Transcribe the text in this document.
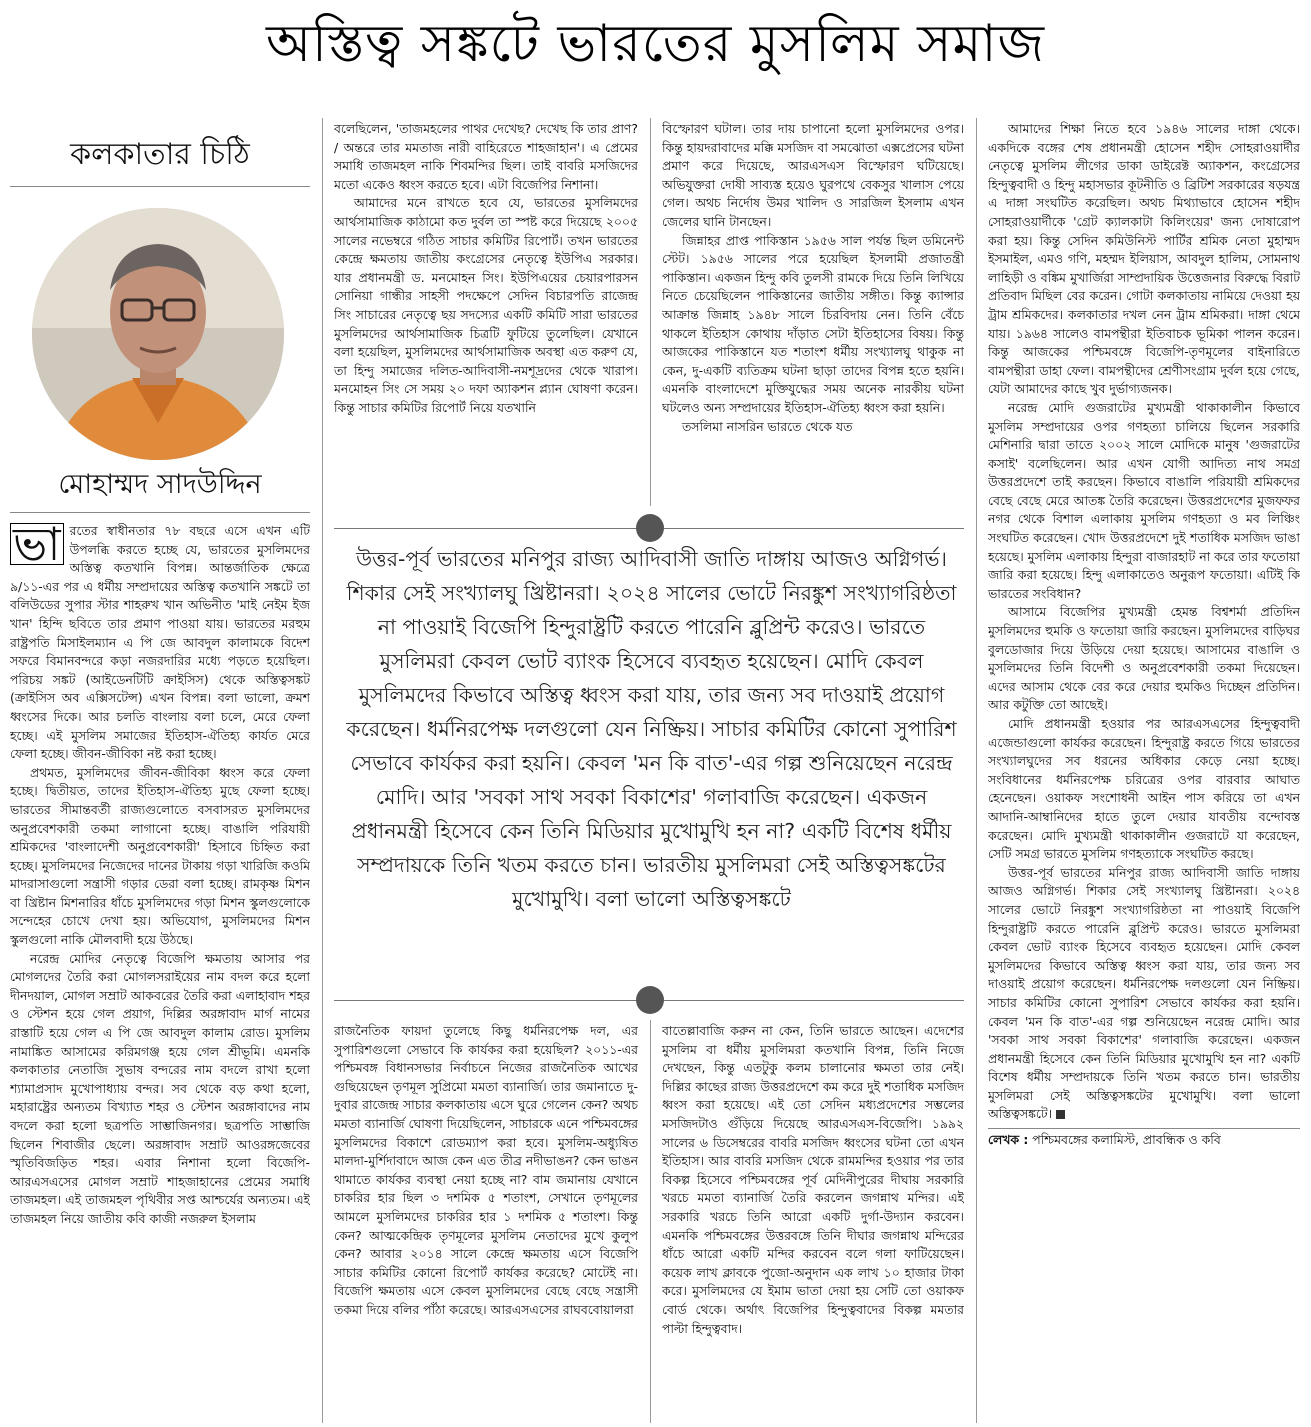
অস্তিত্ব সঙ্কটে ভারতের মুসলিম সমাজ
কলকাতার চিঠি
মোহাম্মদ সাদউদ্দিন

ভা রতের স্বাধীনতার ৭৮ বছরে এসে এখন এটি উপলব্ধি করতে হচ্ছে যে, ভারতের মুসলিমদের অস্তিত্ব কতখানি বিপন্ন। আন্তর্জাতিক ক্ষেত্রে ৯/১১-এর পর এ ধর্মীয় সম্প্রদায়ের অস্তিত্ব কতখানি সঙ্কটে তা বলিউডের সুপার স্টার শাহরুখ খান অভিনীত 'মাই নেইম ইজ খান' হিন্দি ছবিতে তার প্রমাণ পাওয়া যায়। ভারতের মরহুম রাষ্ট্রপতি মিসাইলম্যান এ পি জে আবদুল কালামকে বিদেশ সফরে বিমানবন্দরে কড়া নজরদারির মধ্যে পড়তে হয়েছিল। পরিচয় সঙ্কট (আইডেনটিটি ক্রাইসিস) থেকে অস্তিত্বসঙ্কট (ক্রাইসিস অব এক্সিসটেন্স) এখন বিপন্ন। বলা ভালো, ক্রমশ ধ্বংসের দিকে। আর চলতি বাংলায় বলা চলে, মেরে ফেলা হচ্ছে। এই মুসলিম সমাজের ইতিহাস-ঐতিহ্য কার্যত মেরে ফেলা হচ্ছে। জীবন-জীবিকা নষ্ট করা হচ্ছে।

প্রথমত, মুসলিমদের জীবন-জীবিকা ধ্বংস করে ফেলা হচ্ছে। দ্বিতীয়ত, তাদের ইতিহাস-ঐতিহ্য মুছে ফেলা হচ্ছে। ভারতের সীমান্তবর্তী রাজ্যগুলোতে বসবাসরত মুসলিমদের অনুপ্রবেশকারী তকমা লাগানো হচ্ছে। বাঙালি পরিযায়ী শ্রমিকদের 'বাংলাদেশী অনুপ্রবেশকারী' হিসাবে চিহ্নিত করা হচ্ছে। মুসলিমদের নিজেদের দানের টাকায় গড়া খারিজি কওমি মাদরাসাগুলো সন্ত্রাসী গড়ার ডেরা বলা হচ্ছে। রামকৃষ্ণ মিশন বা খ্রিষ্টান মিশনারির ধাঁচে মুসলিমদের গড়া মিশন স্কুলগুলোকে সন্দেহের চোখে দেখা হয়। অভিযোগ, মুসলিমদের মিশন স্কুলগুলো নাকি মৌলবাদী হয়ে উঠছে।

নরেন্দ্র মোদির নেতৃত্বে বিজেপি ক্ষমতায় আসার পর মোগলদের তৈরি করা মোগলসরাইয়ের নাম বদল করে হলো দীনদয়াল, মোগল সম্রাট আকবরের তৈরি করা এলাহাবাদ শহর ও স্টেশন হয়ে গেল প্রয়াগ, দিল্লির অরঙ্গাবাদ মার্গ নামের রাস্তাটি হয়ে গেল এ পি জে আবদুল কালাম রোড। মুসলিম নামাঙ্কিত আসামের করিমগঞ্জ হয়ে গেল শ্রীভূমি। এমনকি কলকাতার নেতাজি সুভাষ বন্দরের নাম বদলে রাখা হলো শ্যামাপ্রসাদ মুখোপাধ্যায় বন্দর। সব থেকে বড় কথা হলো, মহারাষ্ট্রের অন্যতম বিখ্যাত শহর ও স্টেশন অরঙ্গাবাদের নাম বদলে করা হলো ছত্রপতি সাম্ভাজিনগর। ছত্রপতি সাম্ভাজি ছিলেন শিবাজীর ছেলে। অরঙ্গাবাদ সম্রাট আওরঙ্গজেবের স্মৃতিবিজড়িত শহর। এবার নিশানা হলো বিজেপি-আরএসএসের মোগল সম্রাট শাহজাহানের প্রেমের সমাধি তাজমহল। এই তাজমহল পৃথিবীর সপ্ত আশ্চর্যের অন্যতম। এই তাজমহল নিয়ে জাতীয় কবি কাজী নজরুল ইসলাম

বলেছিলেন, 'তাজমহলের পাথর দেখেছ? দেখেছ কি তার প্রাণ? / অন্তরে তার মমতাজ নারী বাহিরেতে শাহজাহান'। এ প্রেমের সমাধি তাজমহল নাকি শিবমন্দির ছিল। তাই বাবরি মসজিদের মতো একেও ধ্বংস করতে হবে। এটা বিজেপির নিশানা।

আমাদের মনে রাখতে হবে যে, ভারতের মুসলিমদের আর্থসামাজিক কাঠামো কত দুর্বল তা স্পষ্ট করে দিয়েছে ২০০৫ সালের নভেম্বরে গঠিত সাচার কমিটির রিপোর্ট। তখন ভারতের কেন্দ্রে ক্ষমতায় জাতীয় কংগ্রেসের নেতৃত্বে ইউপিএ সরকার। যার প্রধানমন্ত্রী ড. মনমোহন সিং। ইউপিএয়ের চেয়ারপারসন সোনিয়া গান্ধীর সাহসী পদক্ষেপে সেদিন বিচারপতি রাজেন্দ্র সিং সাচারের নেতৃত্বে ছয় সদস্যের একটি কমিটি সারা ভারতের মুসলিমদের আর্থসামাজিক চিত্রটি ফুটিয়ে তুলেছিল। যেখানে বলা হয়েছিল, মুসলিমদের আর্থসামাজিক অবস্থা এত করুণ যে, তা হিন্দু সমাজের দলিত-আদিবাসী-নমশূদ্রদের থেকে খারাপ। মনমোহন সিং সে সময় ২০ দফা অ্যাকশন প্ল্যান ঘোষণা করেন। কিন্তু সাচার কমিটির রিপোর্ট নিয়ে যতখানি

বিস্ফোরণ ঘটাল। তার দায় চাপানো হলো মুসলিমদের ওপর। কিন্তু হায়দরাবাদের মক্কি মসজিদ বা সমঝোতা এক্সপ্রেসের ঘটনা প্রমাণ করে দিয়েছে, আরএসএস বিস্ফোরণ ঘটিয়েছে। অভিযুক্তরা দোষী সাব্যস্ত হয়েও ঘুরপথে বেকসুর খালাস পেয়ে গেল। অথচ নির্দোষ উমর খালিদ ও সারজিল ইসলাম এখন জেলের ঘানি টানছেন।

জিন্নাহর প্রাপ্ত পাকিস্তান ১৯৫৬ সাল পর্যন্ত ছিল ডমিনেন্ট স্টেট। ১৯৫৬ সালের পরে হয়েছিল ইসলামী প্রজাতন্ত্রী পাকিস্তান। একজন হিন্দু কবি তুলসী রামকে দিয়ে তিনি লিখিয়ে নিতে চেয়েছিলেন পাকিস্তানের জাতীয় সঙ্গীত। কিন্তু ক্যান্সার আক্রান্ত জিন্নাহ ১৯৪৮ সালে চিরবিদায় নেন। তিনি বেঁচে থাকলে ইতিহাস কোথায় দাঁড়াত সেটা ইতিহাসের বিষয়। কিন্তু আজকের পাকিস্তানে যত শতাংশ ধর্মীয় সংখ্যালঘু থাকুক না কেন, দু-একটি ব্যতিক্রম ঘটনা ছাড়া তাদের বিপন্ন হতে হয়নি। এমনকি বাংলাদেশে মুক্তিযুদ্ধের সময় অনেক নারকীয় ঘটনা ঘটলেও অন্য সম্প্রদায়ের ইতিহাস-ঐতিহ্য ধ্বংস করা হয়নি।

তসলিমা নাসরিন ভারতে থেকে যত

উত্তর-পূর্ব ভারতের মনিপুর রাজ্য আদিবাসী জাতি দাঙ্গায় আজও অগ্নিগর্ভ। শিকার সেই সংখ্যালঘু খ্রিষ্টানরা। ২০২৪ সালের ভোটে নিরঙ্কুশ সংখ্যাগরিষ্ঠতা না পাওয়াই বিজেপি হিন্দুরাষ্ট্রটি করতে পারেনি ব্লুপ্রিন্ট করেও। ভারতে মুসলিমরা কেবল ভোট ব্যাংক হিসেবে ব্যবহৃত হয়েছেন। মোদি কেবল মুসলিমদের কিভাবে অস্তিত্ব ধ্বংস করা যায়, তার জন্য সব দাওয়াই প্রয়োগ করেছেন। ধর্মনিরপেক্ষ দলগুলো যেন নিষ্ক্রিয়। সাচার কমিটির কোনো সুপারিশ সেভাবে কার্যকর করা হয়নি। কেবল 'মন কি বাত'-এর গল্প শুনিয়েছেন নরেন্দ্র মোদি। আর 'সবকা সাথ সবকা বিকাশের' গলাবাজি করেছেন। একজন প্রধানমন্ত্রী হিসেবে কেন তিনি মিডিয়ার মুখোমুখি হন না? একটি বিশেষ ধর্মীয় সম্প্রদায়কে তিনি খতম করতে চান। ভারতীয় মুসলিমরা সেই অস্তিত্বসঙ্কটের মুখোমুখি। বলা ভালো অস্তিত্বসঙ্কটে

রাজনৈতিক ফায়দা তুলেছে কিছু ধর্মনিরপেক্ষ দল, এর সুপারিশগুলো সেভাবে কি কার্যকর করা হয়েছিল? ২০১১-এর পশ্চিমবঙ্গ বিধানসভার নির্বাচনে নিজের রাজনৈতিক আখের গুছিয়েছেন তৃণমূল সুপ্রিমো মমতা ব্যানার্জি। তার জমানাতে দু-দুবার রাজেন্দ্র সাচার কলকাতায় এসে ঘুরে গেলেন কেন? অথচ মমতা ব্যানার্জি ঘোষণা দিয়েছিলেন, সাচারকে এনে পশ্চিমবঙ্গের মুসলিমদের বিকাশে রোডম্যাপ করা হবে। মুসলিম-অধ্যুষিত মালদা-মুর্শিদাবাদে আজ কেন এত তীব্র নদীভাঙন? কেন ভাঙন থামাতে কার্যকর ব্যবস্থা নেয়া হচ্ছে না? বাম জমানায় যেখানে চাকরির হার ছিল ৩ দশমিক ৫ শতাংশ, সেখানে তৃণমূলের আমলে মুসলিমদের চাকরির হার ১ দশমিক ৫ শতাংশ। কিন্তু কেন? আত্মকেন্দ্রিক তৃণমূলের মুসলিম নেতাদের মুখে কুলুপ কেন? আবার ২০১৪ সালে কেন্দ্রে ক্ষমতায় এসে বিজেপি সাচার কমিটির কোনো রিপোর্ট কার্যকর করেছে? মোটেই না। বিজেপি ক্ষমতায় এসে কেবল মুসলিমদের বেছে বেছে সন্ত্রাসী তকমা দিয়ে বলির পাঁঠা করেছে। আরএসএসের রাঘববোয়ালরা

বাতেল্লাবাজি করুন না কেন, তিনি ভারতে আছেন। এদেশের মুসলিম বা ধর্মীয় মুসলিমরা কতখানি বিপন্ন, তিনি নিজে দেখছেন, কিন্তু এতটুকু কলম চালানোর ক্ষমতা তার নেই। দিল্লির কাছের রাজ্য উত্তরপ্রদেশে কম করে দুই শতাধিক মসজিদ ধ্বংস করা হয়েছে। এই তো সেদিন মধ্যপ্রদেশের সম্ভলের মসজিদটাও গুঁড়িয়ে দিয়েছে আরএসএস-বিজেপি। ১৯৯২ সালের ৬ ডিসেম্বরের বাবরি মসজিদ ধ্বংসের ঘটনা তো এখন ইতিহাস। আর বাবরি মসজিদ থেকে রামমন্দির হওয়ার পর তার বিকল্প হিসেবে পশ্চিমবঙ্গের পূর্ব মেদিনীপুরের দীঘায় সরকারি খরচে মমতা ব্যানার্জি তৈরি করলেন জগন্নাথ মন্দির। এই সরকারি খরচে তিনি আরো একটি দুর্গা-উদ্যান করবেন। এমনকি পশ্চিমবঙ্গের উত্তরবঙ্গে তিনি দীঘার জগন্নাথ মন্দিরের ধাঁচে আরো একটি মন্দির করবেন বলে গলা ফাটিয়েছেন। কয়েক লাখ ক্লাবকে পুজো-অনুদান এক লাখ ১০ হাজার টাকা করে। মুসলিমদের যে ইমাম ভাতা দেয়া হয় সেটি তো ওয়াকফ বোর্ড থেকে। অর্থাৎ বিজেপির হিন্দুত্ববাদের বিকল্প মমতার পাল্টা হিন্দুত্ববাদ।

আমাদের শিক্ষা নিতে হবে ১৯৪৬ সালের দাঙ্গা থেকে। একদিকে বঙ্গের শেষ প্রধানমন্ত্রী হোসেন শহীদ সোহরাওয়ার্দীর নেতৃত্বে মুসলিম লীগের ডাকা ডাইরেক্ট অ্যাকশন, কংগ্রেসের হিন্দুত্ববাদী ও হিন্দু মহাসভার কূটনীতি ও ব্রিটিশ সরকারের ষড়যন্ত্র এ দাঙ্গা সংঘটিত করেছিল। অথচ মিথ্যাভাবে হোসেন শহীদ সোহরাওয়ার্দীকে 'গ্রেট ক্যালকাটা কিলিংয়ের' জন্য দোষারোপ করা হয়। কিন্তু সেদিন কমিউনিস্ট পার্টির শ্রমিক নেতা মুহাম্মদ ইসমাইল, এমও গণি, মহম্মদ ইলিয়াস, আবদুল হালিম, সোমনাথ লাহিড়ী ও বঙ্কিম মুখার্জিরা সাম্প্রদায়িক উত্তেজনার বিরুদ্ধে বিরাট প্রতিবাদ মিছিল বের করেন। গোটা কলকাতায় নামিয়ে দেওয়া হয় ট্রাম শ্রমিকদের। কলকাতার দখল নেন ট্রাম শ্রমিকরা। দাঙ্গা থেমে যায়। ১৯৬৪ সালেও বামপন্থীরা ইতিবাচক ভূমিকা পালন করেন। কিন্তু আজকের পশ্চিমবঙ্গে বিজেপি-তৃণমূলের বাইনারিতে বামপন্থীরা ডাহা ফেল। বামপন্থীদের শ্রেণীসংগ্রাম দুর্বল হয়ে গেছে, যেটা আমাদের কাছে খুব দুর্ভাগ্যজনক।

নরেন্দ্র মোদি গুজরাটের মুখ্যমন্ত্রী থাকাকালীন কিভাবে মুসলিম সম্প্রদায়ের ওপর গণহত্যা চালিয়ে ছিলেন সরকারি মেশিনারি দ্বারা তাতে ২০০২ সালে মোদিকে মানুষ 'গুজরাটের কসাই' বলেছিলেন। আর এখন যোগী আদিত্য নাথ সমগ্র উত্তরপ্রদেশে তাই করছেন। কিভাবে বাঙালি পরিযায়ী শ্রমিকদের বেছে বেছে মেরে আতঙ্ক তৈরি করেছেন। উত্তরপ্রদেশের মুজফফর নগর থেকে বিশাল এলাকায় মুসলিম গণহত্যা ও মব লিঞ্চিং সংঘটিত করেছেন। খোদ উত্তরপ্রদেশে দুই শতাধিক মসজিদ ভাঙা হয়েছে। মুসলিম এলাকায় হিন্দুরা বাজারহাট না করে তার ফতোয়া জারি করা হয়েছে। হিন্দু এলাকাতেও অনুরূপ ফতোয়া। এটিই কি ভারতের সংবিধান?

আসামে বিজেপির মুখ্যমন্ত্রী হেমন্ত বিশ্বশর্মা প্রতিদিন মুসলিমদের হুমকি ও ফতোয়া জারি করছেন। মুসলিমদের বাড়িঘর বুলডোজার দিয়ে উড়িয়ে দেয়া হয়েছে। আসামের বাঙালি ও মুসলিমদের তিনি বিদেশী ও অনুপ্রবেশকারী তকমা দিয়েছেন। এদের আসাম থেকে বের করে দেয়ার হুমকিও দিচ্ছেন প্রতিদিন। আর কটুক্তি তো আছেই।

মোদি প্রধানমন্ত্রী হওয়ার পর আরএসএসের হিন্দুত্ববাদী এজেন্ডাগুলো কার্যকর করেছেন। হিন্দুরাষ্ট্র করতে গিয়ে ভারতের সংখ্যালঘুদের সব ধরনের অধিকার কেড়ে নেয়া হচ্ছে। সংবিধানের ধর্মনিরপেক্ষ চরিত্রের ওপর বারবার আঘাত হেনেছেন। ওয়াকফ সংশোধনী আইন পাস করিয়ে তা এখন আদানি-আম্বানিদের হাতে তুলে দেয়ার যাবতীয় বন্দোবস্ত করেছেন। মোদি মুখ্যমন্ত্রী থাকাকালীন গুজরাটে যা করেছেন, সেটি সমগ্র ভারতে মুসলিম গণহত্যাকে সংঘটিত করছে।

উত্তর-পূর্ব ভারতের মনিপুর রাজ্য আদিবাসী জাতি দাঙ্গায় আজও অগ্নিগর্ভ। শিকার সেই সংখ্যালঘু খ্রিষ্টানরা। ২০২৪ সালের ভোটে নিরঙ্কুশ সংখ্যাগরিষ্ঠতা না পাওয়াই বিজেপি হিন্দুরাষ্ট্রটি করতে পারেনি ব্লুপ্রিন্ট করেও। ভারতে মুসলিমরা কেবল ভোট ব্যাংক হিসেবে ব্যবহৃত হয়েছেন। মোদি কেবল মুসলিমদের কিভাবে অস্তিত্ব ধ্বংস করা যায়, তার জন্য সব দাওয়াই প্রয়োগ করেছেন। ধর্মনিরপেক্ষ দলগুলো যেন নিষ্ক্রিয়। সাচার কমিটির কোনো সুপারিশ সেভাবে কার্যকর করা হয়নি। কেবল 'মন কি বাত'-এর গল্প শুনিয়েছেন নরেন্দ্র মোদি। আর 'সবকা সাথ সবকা বিকাশের' গলাবাজি করেছেন। একজন প্রধানমন্ত্রী হিসেবে কেন তিনি মিডিয়ার মুখোমুখি হন না? একটি বিশেষ ধর্মীয় সম্প্রদায়কে তিনি খতম করতে চান। ভারতীয় মুসলিমরা সেই অস্তিত্বসঙ্কটের মুখোমুখি। বলা ভালো অস্তিত্বসঙ্কটে।

লেখক : পশ্চিমবঙ্গের কলামিস্ট, প্রাবন্ধিক ও কবি
